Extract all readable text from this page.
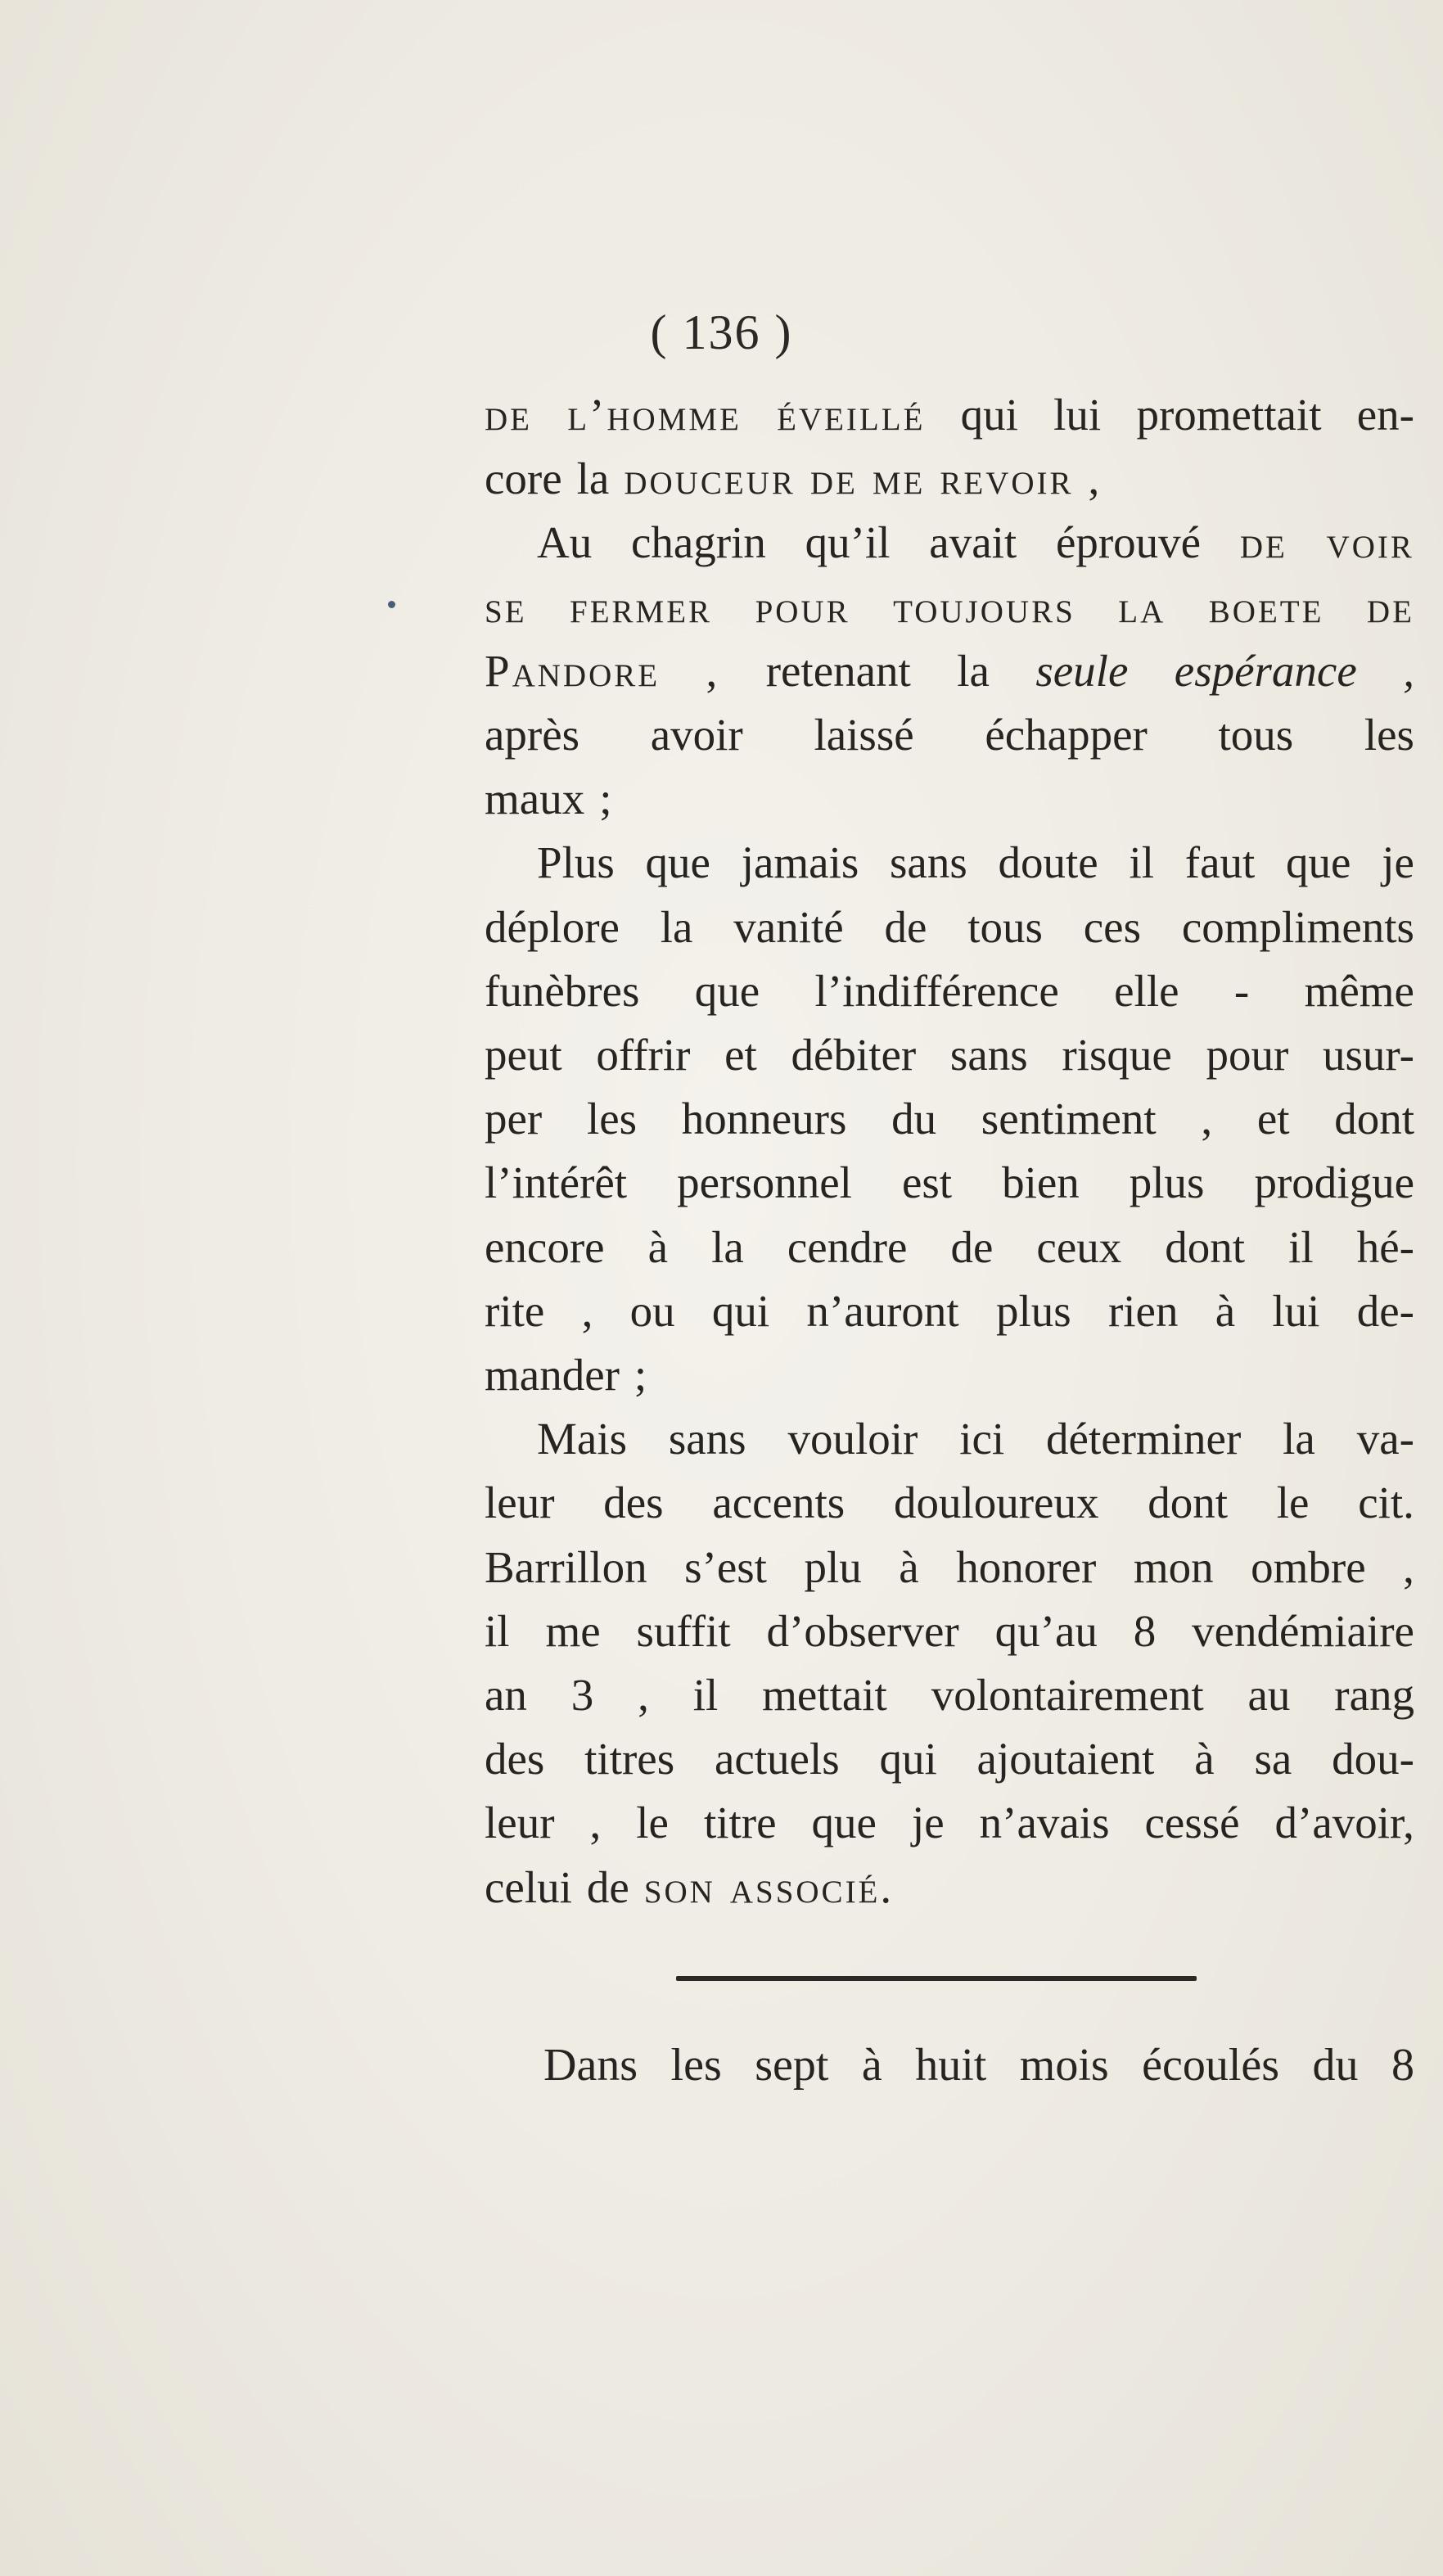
( 136 )
de l’homme éveillé qui lui promettait en-
core la douceur de me revoir ,
Au chagrin qu’il avait éprouvé de voir
se fermer pour toujours la boete de
Pandore , retenant la seule espérance ,
après avoir laissé échapper tous les
maux ;
Plus que jamais sans doute il faut que je
déplore la vanité de tous ces compliments
funèbres que l’indifférence elle - même
peut offrir et débiter sans risque pour usur-
per les honneurs du sentiment , et dont
l’intérêt personnel est bien plus prodigue
encore à la cendre de ceux dont il hé-
rite , ou qui n’auront plus rien à lui de-
mander ;
Mais sans vouloir ici déterminer la va-
leur des accents douloureux dont le cit.
Barrillon s’est plu à honorer mon ombre ,
il me suffit d’observer qu’au 8 vendémiaire
an 3 , il mettait volontairement au rang
des titres actuels qui ajoutaient à sa dou-
leur , le titre que je n’avais cessé d’avoir,
celui de son associé.
Dans les sept à huit mois écoulés du 8
